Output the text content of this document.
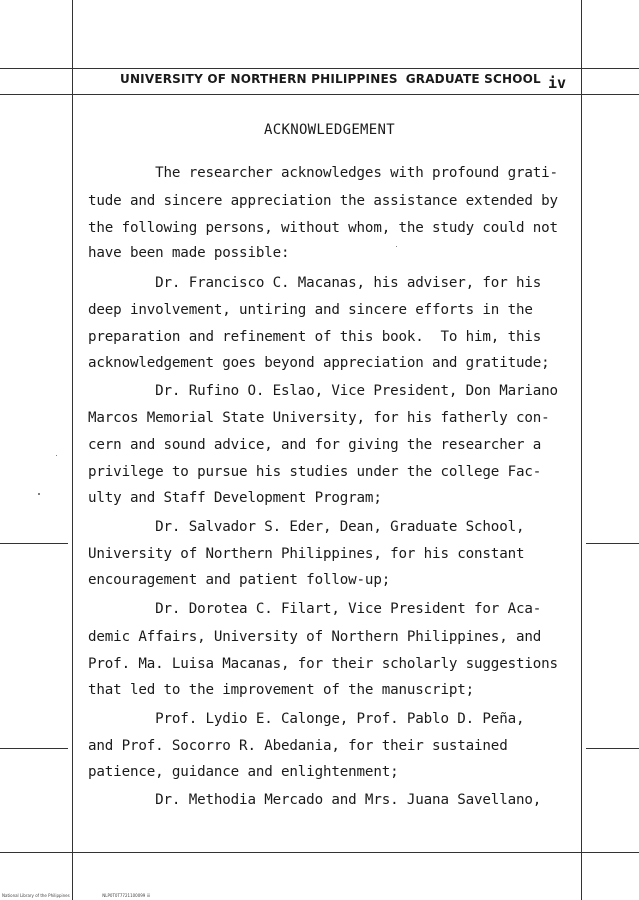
UNIVERSITY OF NORTHERN PHILIPPINES GRADUATE SCHOOL iv
ACKNOWLEDGEMENT
The researcher acknowledges with profound grati-
tude and sincere appreciation the assistance extended by
the following persons, without whom, the study could not
have been made possible:
Dr. Francisco C. Macanas, his adviser, for his
deep involvement, untiring and sincere efforts in the
preparation and refinement of this book.  To him, this
acknowledgement goes beyond appreciation and gratitude;
Dr. Rufino O. Eslao, Vice President, Don Mariano
Marcos Memorial State University, for his fatherly con-
cern and sound advice, and for giving the researcher a
privilege to pursue his studies under the college Fac-
ulty and Staff Development Program;
Dr. Salvador S. Eder, Dean, Graduate School,
University of Northern Philippines, for his constant
encouragement and patient follow-up;
Dr. Dorotea C. Filart, Vice President for Aca-
demic Affairs, University of Northern Philippines, and
Prof. Ma. Luisa Macanas, for their scholarly suggestions
that led to the improvement of the manuscript;
Prof. Lydio E. Calonge, Prof. Pablo D. Peña,
and Prof. Socorro R. Abedania, for their sustained
patience, guidance and enlightenment;
Dr. Methodia Mercado and Mrs. Juana Savellano,
National Library of the Philippines	NLP0T0T7721100099 iii
